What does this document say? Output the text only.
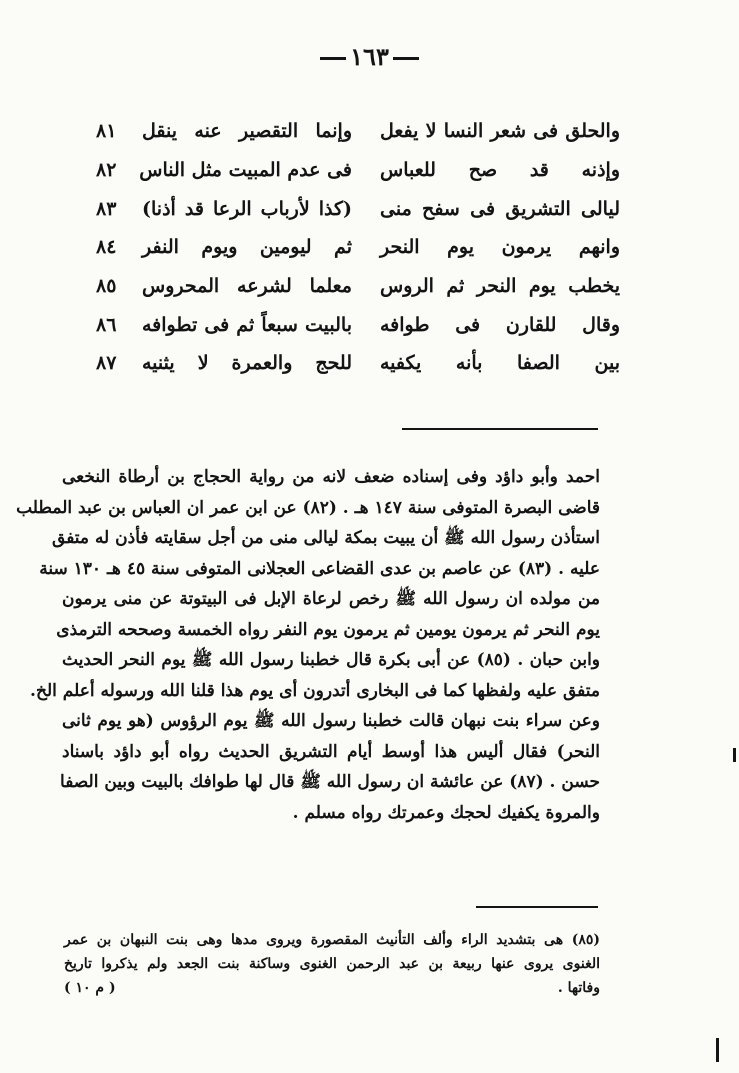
١٦٣
والحلق فى شعر النسا لا يفعل
وإنما التقصير عنه ينقل
٨١
وإذنه قد صح للعباس
فى عدم المبيت مثل الناس
٨٢
ليالى التشريق فى سفح منى
(كذا لأرباب الرعا قد أذنا)
٨٣
وانهم يرمون يوم النحر
ثم ليومين ويوم النفر
٨٤
يخطب يوم النحر ثم الروس
معلما لشرعه المحروس
٨٥
وقال للقارن فى طوافه
بالبيت سبعاً ثم فى تطوافه
٨٦
بين الصفا بأنه يكفيه
للحج والعمرة لا يثنيه
٨٧
احمد وأبو داؤد وفى إسناده ضعف لانه من رواية الحجاج بن أرطاة النخعى
قاضى البصرة المتوفى سنة ١٤٧ هـ . (٨٢) عن ابن عمر ان العباس بن عبد المطلب
استأذن رسول الله ﷺ أن يبيت بمكة ليالى منى من أجل سقايته فأذن له متفق
عليه . (٨٣) عن عاصم بن عدى القضاعى العجلانى المتوفى سنة ٤٥ هـ ١٣٠ سنة
من مولده ان رسول الله ﷺ رخص لرعاة الإبل فى البيتوتة عن منى يرمون
يوم النحر ثم يرمون يومين ثم يرمون يوم النفر رواه الخمسة وصححه الترمذى
وابن حبان . (٨٥) عن أبى بكرة قال خطبنا رسول الله ﷺ يوم النحر الحديث
متفق عليه ولفظها كما فى البخارى أتدرون أى يوم هذا قلنا الله ورسوله أعلم الخ.
وعن سراء بنت نبهان قالت خطبنا رسول الله ﷺ يوم الرؤوس (هو يوم ثانى
النحر) فقال أليس هذا أوسط أيام التشريق الحديث رواه أبو داؤد باسناد
حسن . (٨٧) عن عائشة ان رسول الله ﷺ قال لها طوافك بالبيت وبين الصفا
والمروة يكفيك لحجك وعمرتك رواه مسلم .
(٨٥) هى بتشديد الراء وألف التأنيث المقصورة ويروى مدها وهى بنت النبهان بن عمر
الغنوى يروى عنها ربيعة بن عبد الرحمن الغنوى وساكنة بنت الجعد ولم يذكروا تاريخ
وفاتها .
( م ١٠ )
